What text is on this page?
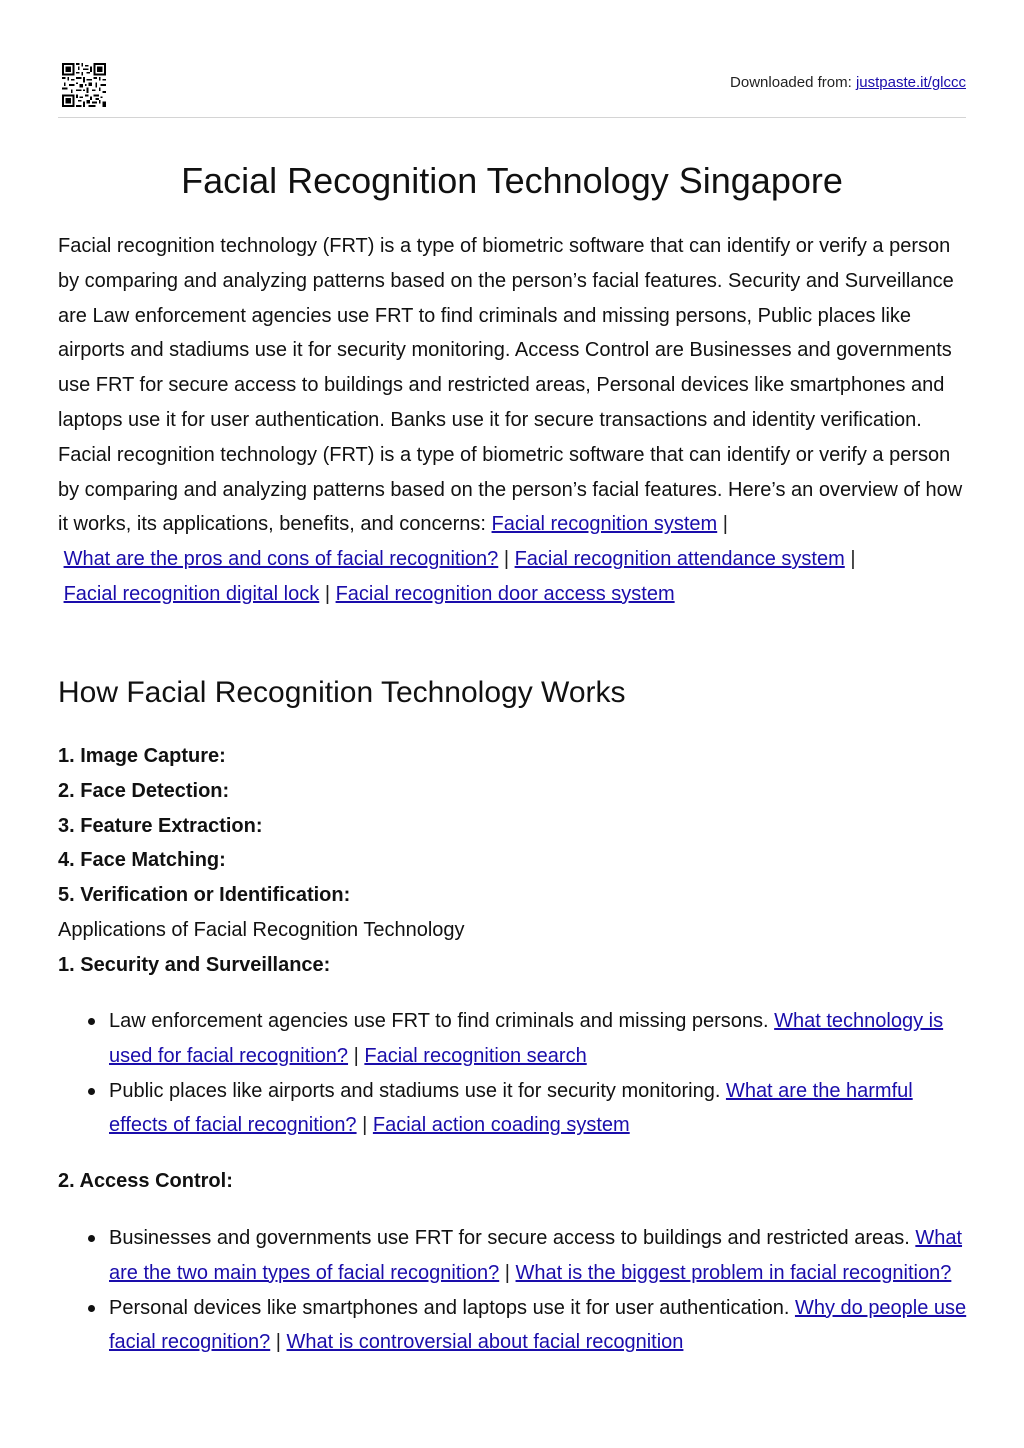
Downloaded from: justpaste.it/glccc
Facial Recognition Technology Singapore

Facial recognition technology (FRT) is a type of biometric software that can identify or verify a person by comparing and analyzing patterns based on the person’s facial features. Security and Surveillance are Law enforcement agencies use FRT to find criminals and missing persons, Public places like airports and stadiums use it for security monitoring. Access Control are Businesses and governments use FRT for secure access to buildings and restricted areas, Personal devices like smartphones and laptops use it for user authentication. Banks use it for secure transactions and identity verification.

Facial recognition technology (FRT) is a type of biometric software that can identify or verify a person by comparing and analyzing patterns based on the person’s facial features. Here’s an overview of how it works, its applications, benefits, and concerns: Facial recognition system |
What are the pros and cons of facial recognition? | Facial recognition attendance system |
Facial recognition digital lock | Facial recognition door access system

How Facial Recognition Technology Works
1. Image Capture:
2. Face Detection:
3. Feature Extraction:
4. Face Matching:
5. Verification or Identification:
Applications of Facial Recognition Technology
1. Security and Surveillance:
Law enforcement agencies use FRT to find criminals and missing persons. What technology is used for facial recognition? | Facial recognition search
Public places like airports and stadiums use it for security monitoring. What are the harmful effects of facial recognition? | Facial action coading system
2. Access Control:
Businesses and governments use FRT for secure access to buildings and restricted areas. What are the two main types of facial recognition? | What is the biggest problem in facial recognition?
Personal devices like smartphones and laptops use it for user authentication. Why do people use facial recognition? | What is controversial about facial recognition
